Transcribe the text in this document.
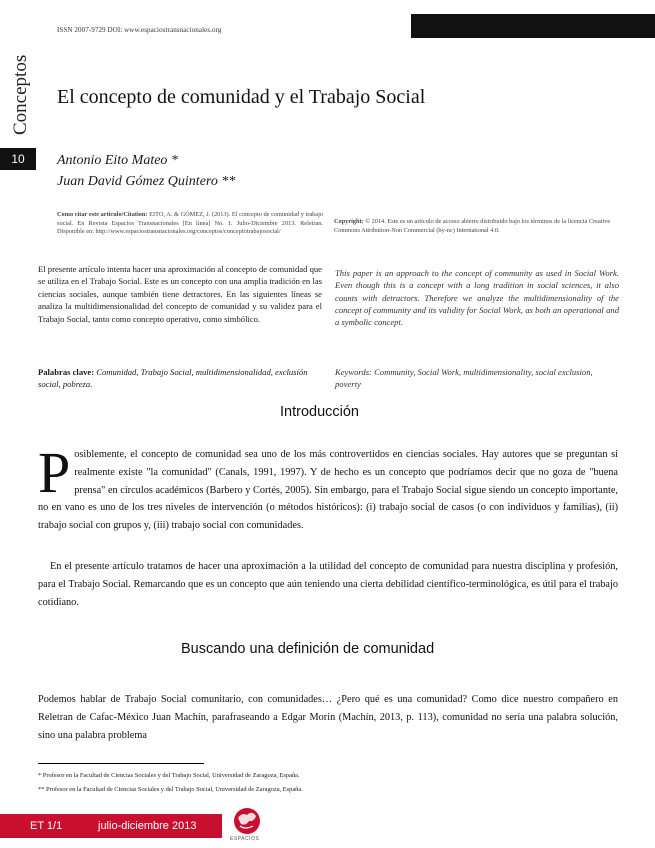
ISSN 2007-9729 DOI: www.espaciostransnacionales.org
Conceptos
10
El concepto de comunidad y el Trabajo Social
Antonio Eito Mateo *
Juan David Gómez Quintero **
Como citar este artículo/Citation: EITO, A. & GÓMEZ, J. (2013). El concepto de comunidad y trabajo social. En Revista Espacios Transnacionales [En línea] No. 1. Julio-Diciembre 2013. Reletran. Disponible en: http://www.espaciostransnacionales.org/conceptos/conceptotrabajosocial/
Copyright: © 2014. Este es un artículo de acceso abierto distribuido bajo los términos de la licencia Creative Commons Attribution-Non Commercial (by-nc) International 4.0.
El presente artículo intenta hacer una aproximación al concepto de comunidad que se utiliza en el Trabajo Social. Este es un concepto con una amplia tradición en las ciencias sociales, aunque también tiene detractores. En las siguientes líneas se analiza la multidimensionalidad del concepto de comunidad y su validez para el Trabajo Social, tanto como concepto operativo, como simbólico.
This paper is an approach to the concept of community as used in Social Work. Even though this is a concept with a long tradition in social sciences, it also counts with detractors. Therefore we analyze the multidimensionality of the concept of community and its validity for Social Work, as both an operational and a symbolic concept.
Palabras clave: Comunidad, Trabajo Social, multidimensionalidad, exclusión social, pobreza.
Keywords: Community, Social Work, multidimensionality, social exclusion, poverty
Introducción
Posiblemente, el concepto de comunidad sea uno de los más controvertidos en ciencias sociales. Hay autores que se preguntan si realmente existe "la comunidad" (Canals, 1991, 1997). Y de hecho es un concepto que podríamos decir que no goza de "buena prensa" en círculos académicos (Barbero y Cortés, 2005). Sin embargo, para el Trabajo Social sigue siendo un concepto importante, no en vano es uno de los tres niveles de intervención (o métodos históricos): (i) trabajo social de casos (o con individuos y familias), (ii) trabajo social con grupos y, (iii) trabajo social con comunidades.
En el presente artículo tratamos de hacer una aproximación a la utilidad del concepto de comunidad para nuestra disciplina y profesión, para el Trabajo Social. Remarcando que es un concepto que aún teniendo una cierta debilidad científico-terminológica, es útil para el trabajo cotidiano.
Buscando una definición de comunidad
Podemos hablar de Trabajo Social comunitario, con comunidades… ¿Pero qué es una comunidad? Como dice nuestro compañero en Reletran de Cafac-México Juan Machín, parafraseando a Edgar Morin (Machín, 2013, p. 113), comunidad no sería una palabra solución, sino una palabra problema
* Profesor en la Facultad de Ciencias Sociales y del Trabajo Social, Universidad de Zaragoza, España.
** Profesor en la Facultad de Ciencias Sociales y del Trabajo Social, Universidad de Zaragoza, España.
ET 1/1	julio-diciembre 2013
ESPACIOS
